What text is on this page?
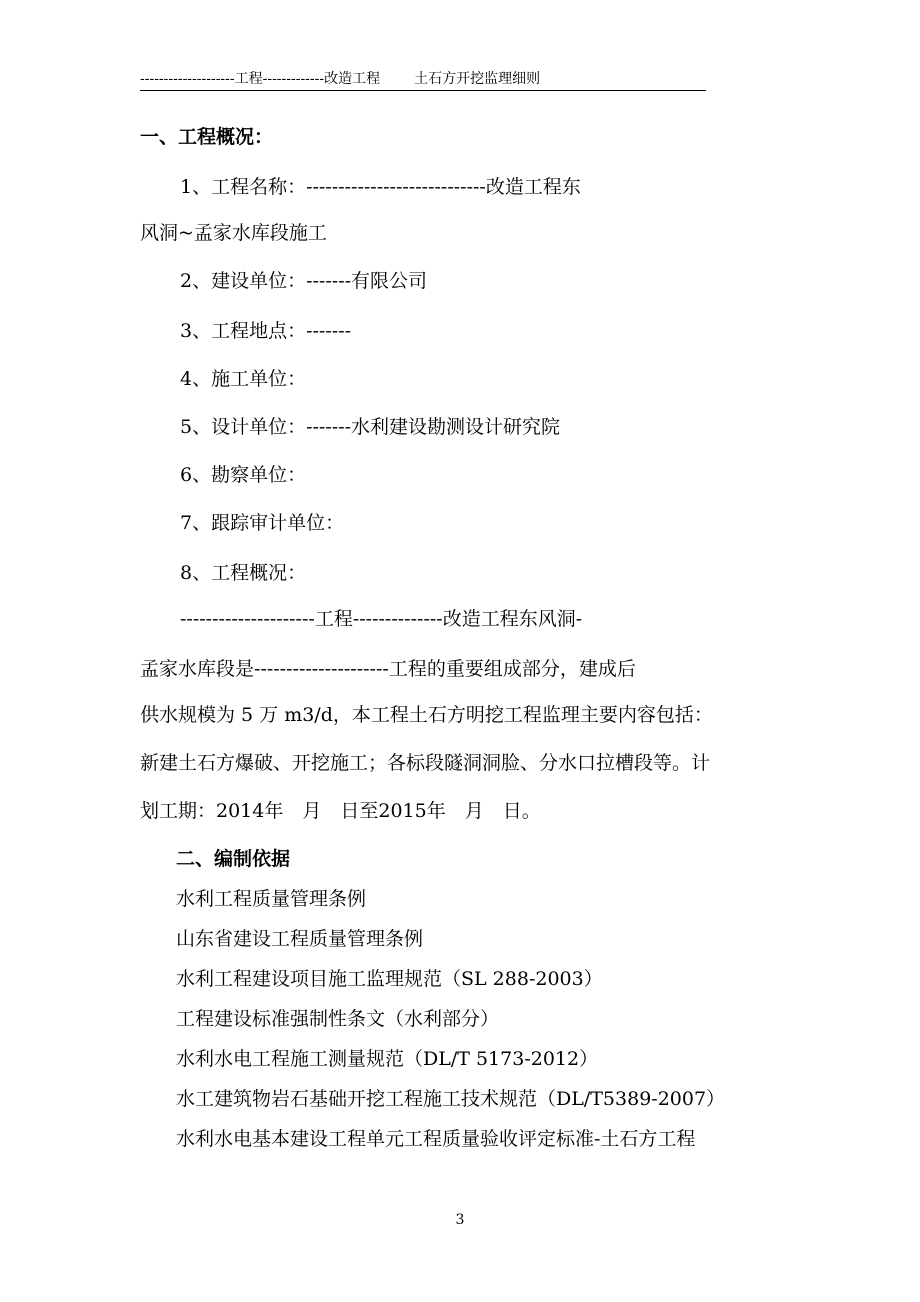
--------------------工程-------------改造工程 土石方开挖监理细则
一、工程概况：
1、工程名称：----------------------------改造工程东
风洞~孟家水库段施工
2、建设单位：-------有限公司
3、工程地点：-------
4、施工单位：
5、设计单位：-------水利建设勘测设计研究院
6、勘察单位：
7、跟踪审计单位：
8、工程概况：
---------------------工程--------------改造工程东风洞-
孟家水库段是---------------------工程的重要组成部分，建成后
供水规模为 5 万 m3/d，本工程土石方明挖工程监理主要内容包括：
新建土石方爆破、开挖施工；各标段隧洞洞脸、分水口拉槽段等。计
划工期：2014年　月　日至2015年　月　日。
二、编制依据
水利工程质量管理条例
山东省建设工程质量管理条例
水利工程建设项目施工监理规范（SL 288-2003）
工程建设标准强制性条文（水利部分）
水利水电工程施工测量规范（DL/T 5173-2012）
水工建筑物岩石基础开挖工程施工技术规范（DL/T5389-2007）
水利水电基本建设工程单元工程质量验收评定标准-土石方工程
3
